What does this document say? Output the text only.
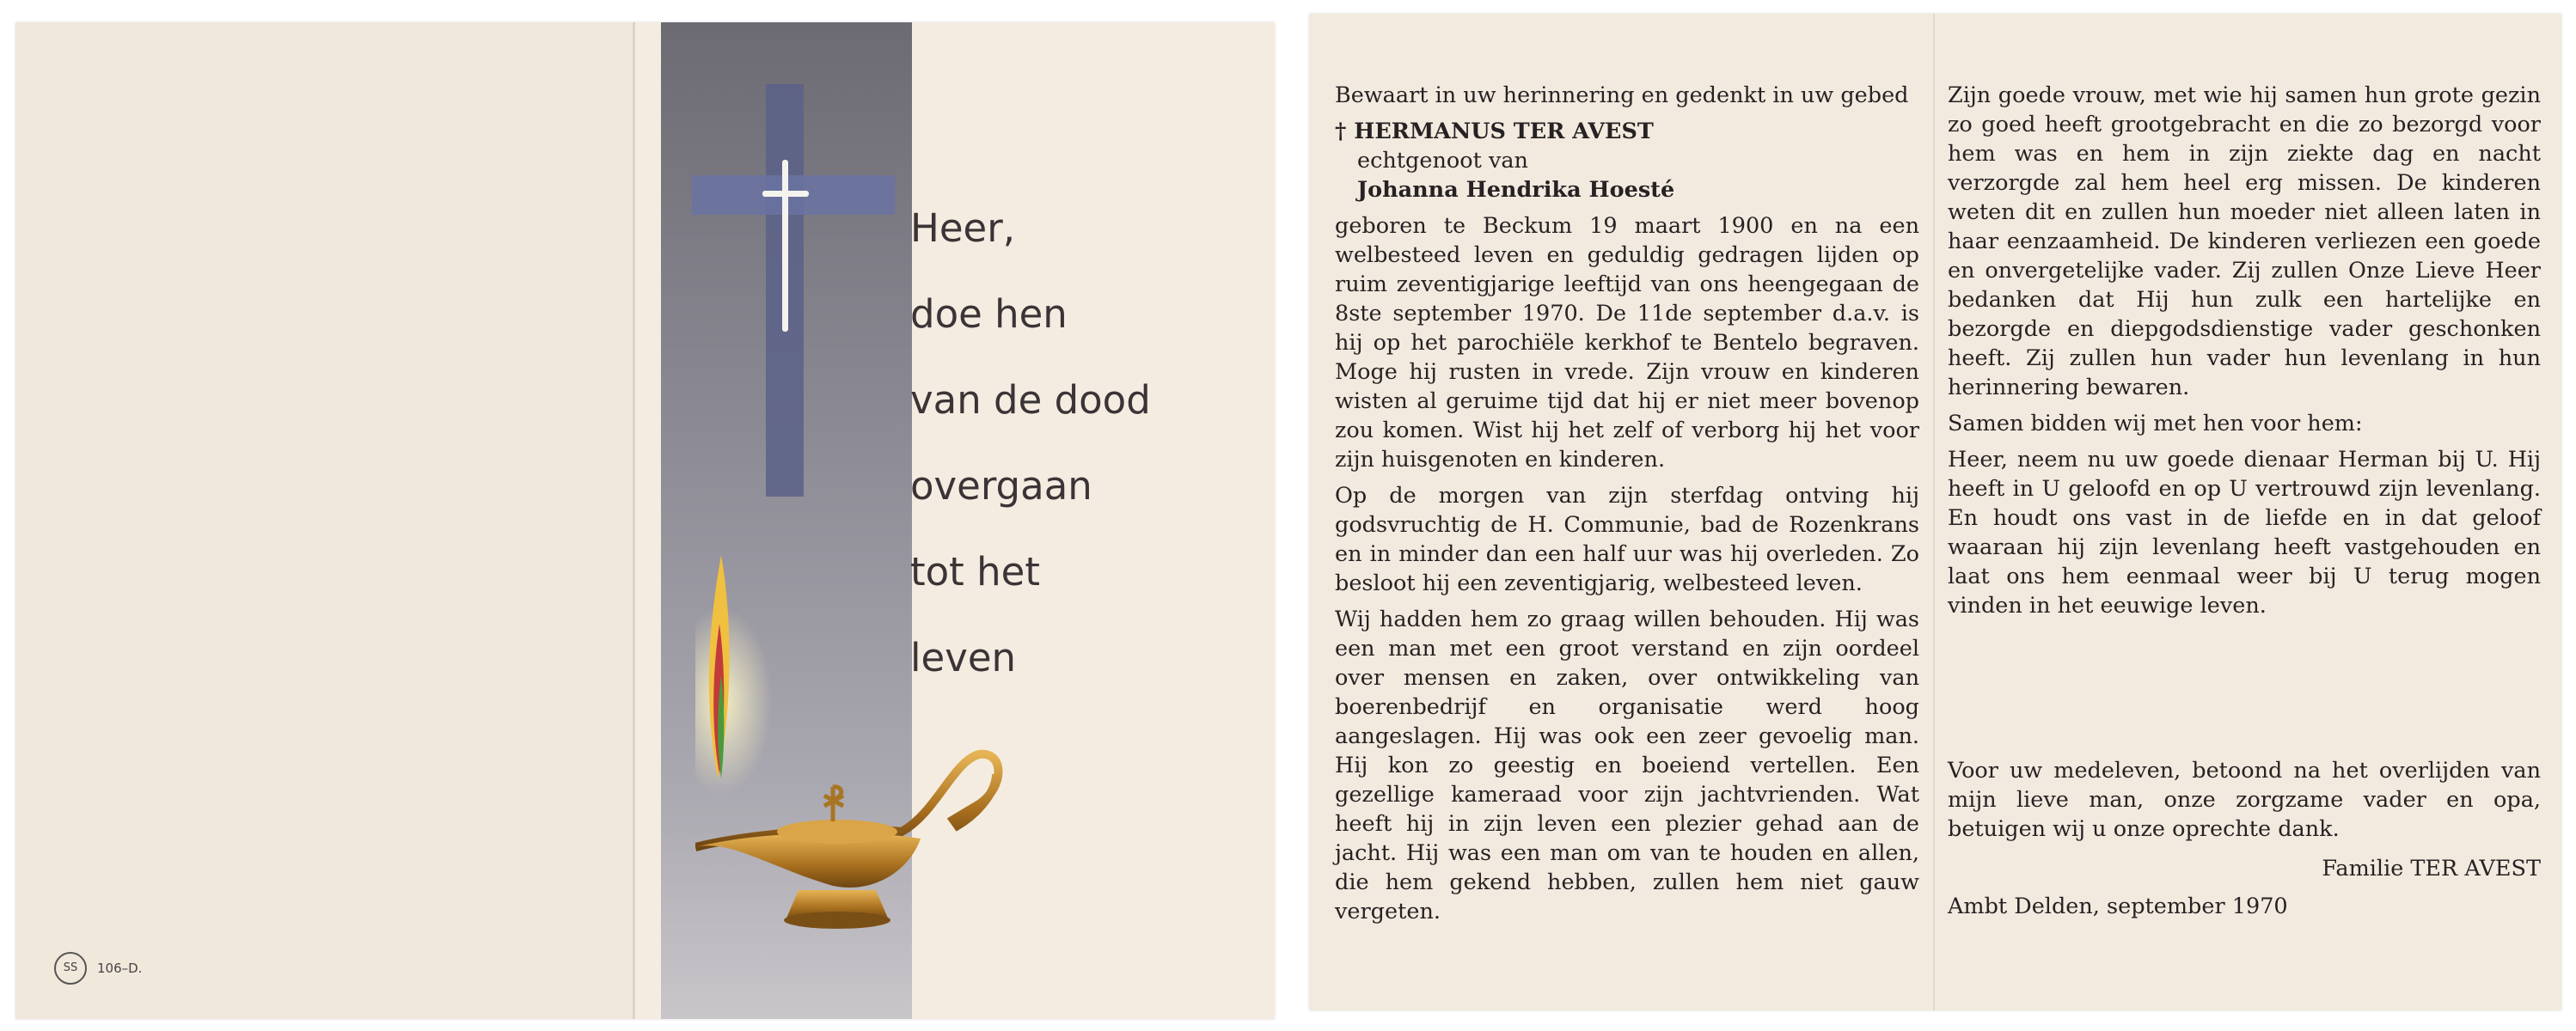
SS	106–D.
Heer,
doe hen
van de dood
overgaan
tot het
leven

Bewaart in uw herinnering en gedenkt in uw gebed

† HERMANUS TER AVEST

echtgenoot van

Johanna Hendrika Hoesté

geboren te Beckum 19 maart 1900 en na een welbesteed leven en geduldig gedragen lijden op ruim zeventigjarige leeftijd van ons heengegaan de 8ste september 1970. De 11de september d.a.v. is hij op het parochiële kerkhof te Bentelo begraven. Moge hij rusten in vrede. Zijn vrouw en kinderen wisten al geruime tijd dat hij er niet meer bovenop zou komen. Wist hij het zelf of verborg hij het voor zijn huisgenoten en kinderen.

Op de morgen van zijn sterfdag ontving hij godsvruchtig de H. Communie, bad de Rozenkrans en in minder dan een half uur was hij overleden. Zo besloot hij een zeventigjarig, welbesteed leven.

Wij hadden hem zo graag willen behouden. Hij was een man met een groot verstand en zijn oordeel over mensen en zaken, over ontwikkeling van boerenbedrijf en organisatie werd hoog aangeslagen. Hij was ook een zeer gevoelig man. Hij kon zo geestig en boeiend vertellen. Een gezellige kameraad voor zijn jachtvrienden. Wat heeft hij in zijn leven een plezier gehad aan de jacht. Hij was een man om van te houden en allen, die hem gekend hebben, zullen hem niet gauw vergeten.

Zijn goede vrouw, met wie hij samen hun grote gezin zo goed heeft grootgebracht en die zo bezorgd voor hem was en hem in zijn ziekte dag en nacht verzorgde zal hem heel erg missen. De kinderen weten dit en zullen hun moeder niet alleen laten in haar eenzaamheid. De kinderen verliezen een goede en onvergetelijke vader. Zij zullen Onze Lieve Heer bedanken dat Hij hun zulk een hartelijke en bezorgde en diepgodsdienstige vader geschonken heeft. Zij zullen hun vader hun levenlang in hun herinnering bewaren.

Samen bidden wij met hen voor hem:

Heer, neem nu uw goede dienaar Herman bij U. Hij heeft in U geloofd en op U vertrouwd zijn levenlang. En houdt ons vast in de liefde en in dat geloof waaraan hij zijn levenlang heeft vastgehouden en laat ons hem eenmaal weer bij U terug mogen vinden in het eeuwige leven.

Voor uw medeleven, betoond na het overlijden van mijn lieve man, onze zorgzame vader en opa, betuigen wij u onze oprechte dank.

Familie TER AVEST

Ambt Delden, september 1970
